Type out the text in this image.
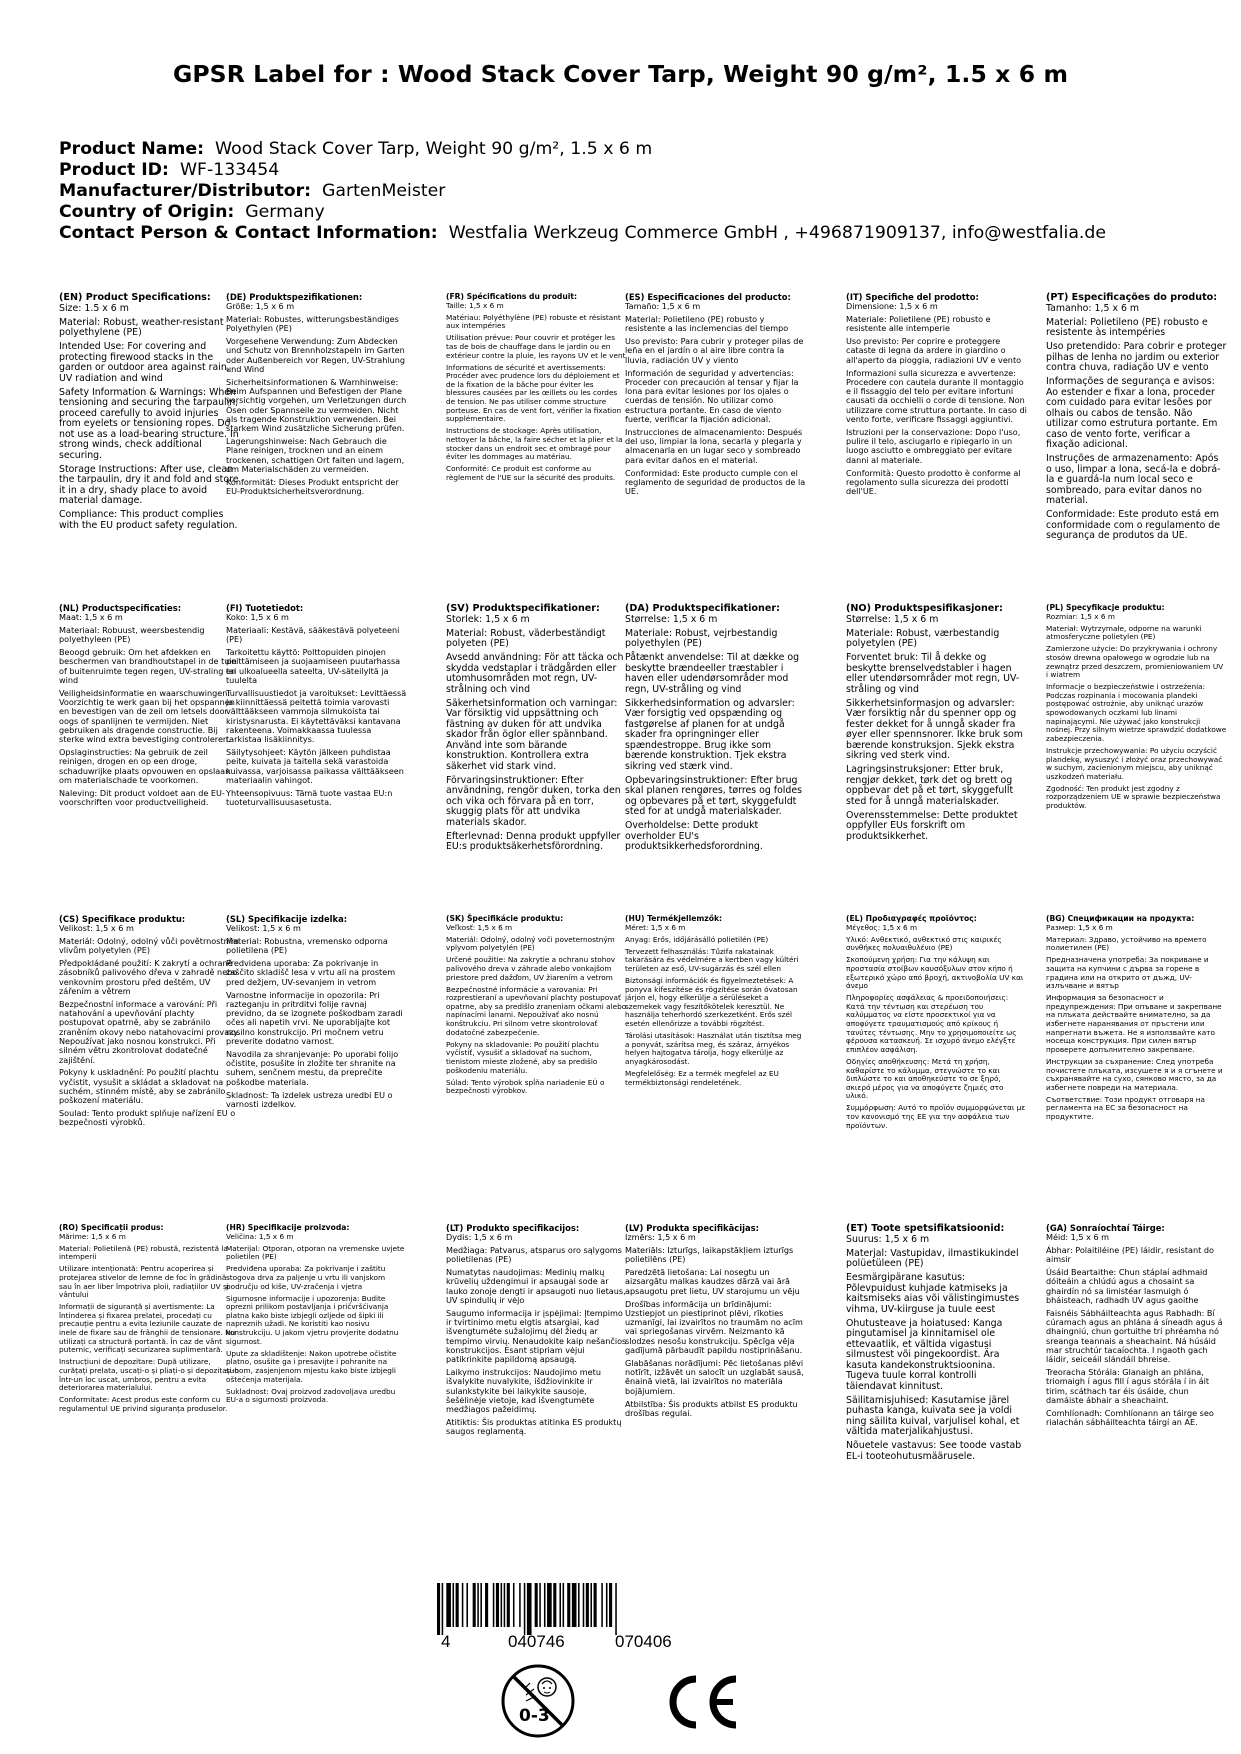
GPSR Label for : Wood Stack Cover Tarp, Weight 90 g/m², 1.5 x 6 m
Product Name: Wood Stack Cover Tarp, Weight 90 g/m², 1.5 x 6 m
Product ID: WF-133454
Manufacturer/Distributor: GartenMeister
Country of Origin: Germany
Contact Person & Contact Information: Westfalia Werkzeug Commerce GmbH , +496871909137, info@westfalia.de
(EN) Product Specifications:
Size: 1.5 x 6 m

Material: Robust, weather-resistant polyethylene (PE)

Intended Use: For covering and protecting firewood stacks in the garden or outdoor area against rain, UV radiation and wind

Safety Information & Warnings: When tensioning and securing the tarpaulin, proceed carefully to avoid injuries from eyelets or tensioning ropes. Do not use as a load-bearing structure. In strong winds, check additional securing.

Storage Instructions: After use, clean the tarpaulin, dry it and fold and store it in a dry, shady place to avoid material damage.

Compliance: This product complies with the EU product safety regulation.

(DE) Produktspezifikationen:
Größe: 1,5 x 6 m

Material: Robustes, witterungsbeständiges Polyethylen (PE)

Vorgesehene Verwendung: Zum Abdecken und Schutz von Brennholzstapeln im Garten oder Außenbereich vor Regen, UV-Strahlung und Wind

Sicherheitsinformationen & Warnhinweise: Beim Aufspannen und Befestigen der Plane vorsichtig vorgehen, um Verletzungen durch Ösen oder Spannseile zu vermeiden. Nicht als tragende Konstruktion verwenden. Bei starkem Wind zusätzliche Sicherung prüfen.

Lagerungshinweise: Nach Gebrauch die Plane reinigen, trocknen und an einem trockenen, schattigen Ort falten und lagern, um Materialschäden zu vermeiden.

Konformität: Dieses Produkt entspricht der EU-Produktsicherheitsverordnung.

(FR) Spécifications du produit:
Taille: 1,5 x 6 m

Matériau: Polyéthylène (PE) robuste et résistant aux intempéries

Utilisation prévue: Pour couvrir et protéger les tas de bois de chauffage dans le jardin ou en extérieur contre la pluie, les rayons UV et le vent

Informations de sécurité et avertissements: Procéder avec prudence lors du déploiement et de la fixation de la bâche pour éviter les blessures causées par les œillets ou les cordes de tension. Ne pas utiliser comme structure porteuse. En cas de vent fort, vérifier la fixation supplémentaire.

Instructions de stockage: Après utilisation, nettoyer la bâche, la faire sécher et la plier et la stocker dans un endroit sec et ombragé pour éviter les dommages au matériau.

Conformité: Ce produit est conforme au règlement de l'UE sur la sécurité des produits.

(ES) Especificaciones del producto:
Tamaño: 1,5 x 6 m

Material: Polietileno (PE) robusto y resistente a las inclemencias del tiempo

Uso previsto: Para cubrir y proteger pilas de leña en el jardín o al aire libre contra la lluvia, radiación UV y viento

Información de seguridad y advertencias: Proceder con precaución al tensar y fijar la lona para evitar lesiones por los ojales o cuerdas de tensión. No utilizar como estructura portante. En caso de viento fuerte, verificar la fijación adicional.

Instrucciones de almacenamiento: Después del uso, limpiar la lona, secarla y plegarla y almacenarla en un lugar seco y sombreado para evitar daños en el material.

Conformidad: Este producto cumple con el reglamento de seguridad de productos de la UE.

(IT) Specifiche del prodotto:
Dimensione: 1,5 x 6 m

Materiale: Polietilene (PE) robusto e resistente alle intemperie

Uso previsto: Per coprire e proteggere cataste di legna da ardere in giardino o all'aperto da pioggia, radiazioni UV e vento

Informazioni sulla sicurezza e avvertenze: Procedere con cautela durante il montaggio e il fissaggio del telo per evitare infortuni causati da occhielli o corde di tensione. Non utilizzare come struttura portante. In caso di vento forte, verificare fissaggi aggiuntivi.

Istruzioni per la conservazione: Dopo l'uso, pulire il telo, asciugarlo e ripiegarlo in un luogo asciutto e ombreggiato per evitare danni al materiale.

Conformità: Questo prodotto è conforme al regolamento sulla sicurezza dei prodotti dell'UE.

(PT) Especificações do produto:
Tamanho: 1,5 x 6 m

Material: Polietileno (PE) robusto e resistente às intempéries

Uso pretendido: Para cobrir e proteger pilhas de lenha no jardim ou exterior contra chuva, radiação UV e vento

Informações de segurança e avisos: Ao estender e fixar a lona, proceder com cuidado para evitar lesões por olhais ou cabos de tensão. Não utilizar como estrutura portante. Em caso de vento forte, verificar a fixação adicional.

Instruções de armazenamento: Após o uso, limpar a lona, secá-la e dobrá-la e guardá-la num local seco e sombreado, para evitar danos no material.

Conformidade: Este produto está em conformidade com o regulamento de segurança de produtos da UE.

(NL) Productspecificaties:
Maat: 1,5 x 6 m

Materiaal: Robuust, weersbestendig polyethyleen (PE)

Beoogd gebruik: Om het afdekken en beschermen van brandhoutstapel in de tuin of buitenruimte tegen regen, UV-straling en wind

Veiligheidsinformatie en waarschuwingen: Voorzichtig te werk gaan bij het opspannen en bevestigen van de zeil om letsels door oogs of spanlijnen te vermijden. Niet gebruiken als dragende constructie. Bij sterke wind extra bevestiging controleren.

Opslaginstructies: Na gebruik de zeil reinigen, drogen en op een droge, schaduwrijke plaats opvouwen en opslaan om materialschade te voorkomen.

Naleving: Dit product voldoet aan de EU-voorschriften voor productveiligheid.

(FI) Tuotetiedot:
Koko: 1,5 x 6 m

Materiaali: Kestävä, sääkestävä polyeteeni (PE)

Tarkoitettu käyttö: Polttopuiden pinojen peittämiseen ja suojaamiseen puutarhassa tai ulkoalueella sateelta, UV-säteilyltä ja tuulelta

Turvallisuustiedot ja varoitukset: Levittäessä ja kiinnittäessä peitettä toimia varovasti välttääkseen vammoja silmukoista tai kiristysnarusta. Ei käytettäväksi kantavana rakenteena. Voimakkaassa tuulessa tarkistaa lisäkiinnitys.

Säilytysohjeet: Käytön jälkeen puhdistaa peite, kuivata ja taitella sekä varastoida kuivassa, varjoisassa paikassa välttääkseen materiaalin vahingot.

Yhteensopivuus: Tämä tuote vastaa EU:n tuoteturvallisuusasetusta.

(SV) Produktspecifikationer:
Storlek: 1,5 x 6 m

Material: Robust, väderbeständigt polyeten (PE)

Avsedd användning: För att täcka och skydda vedstaplar i trädgården eller utomhusområden mot regn, UV-strålning och vind

Säkerhetsinformation och varningar: Var försiktig vid uppsättning och fästning av duken för att undvika skador från öglor eller spännband. Använd inte som bärande konstruktion. Kontrollera extra säkerhet vid stark vind.

Förvaringsinstruktioner: Efter användning, rengör duken, torka den och vika och förvara på en torr, skuggig plats för att undvika materials skador.

Efterlevnad: Denna produkt uppfyller EU:s produktsäkerhetsförordning.

(DA) Produktspecifikationer:
Størrelse: 1,5 x 6 m

Materiale: Robust, vejrbestandig polyethylen (PE)

Påtænkt anvendelse: Til at dække og beskytte brændeeller træstabler i haven eller udendørsområder mod regn, UV-stråling og vind

Sikkerhedsinformation og advarsler: Vær forsigtig ved opspænding og fastgørelse af planen for at undgå skader fra opringninger eller spændestroppe. Brug ikke som bærende konstruktion. Tjek ekstra sikring ved stærk vind.

Opbevaringsinstruktioner: Efter brug skal planen rengøres, tørres og foldes og opbevares på et tørt, skyggefuldt sted for at undgå materialskader.

Overholdelse: Dette produkt overholder EU's produktsikkerhedsforordning.

(NO) Produktspesifikasjoner:
Størrelse: 1,5 x 6 m

Materiale: Robust, værbestandig polyetylen (PE)

Forventet bruk: Til å dekke og beskytte brenselvedstabler i hagen eller utendørsområder mot regn, UV-stråling og vind

Sikkerhetsinformasjon og advarsler: Vær forsiktig når du spenner opp og fester dekket for å unngå skader fra øyer eller spennsnorer. Ikke bruk som bærende konstruksjon. Sjekk ekstra sikring ved sterk vind.

Lagringsinstruksjoner: Etter bruk, rengjør dekket, tørk det og brett og oppbevar det på et tørt, skyggefullt sted for å unngå materialskader.

Overensstemmelse: Dette produktet oppfyller EUs forskrift om produktsikkerhet.

(PL) Specyfikacje produktu:
Rozmiar: 1,5 x 6 m

Materiał: Wytrzymałe, odporne na warunki atmosferyczne polietylen (PE)

Zamierzone użycie: Do przykrywania i ochrony stosów drewna opałowego w ogrodzie lub na zewnątrz przed deszczem, promieniowaniem UV i wiatrem

Informacje o bezpieczeństwie i ostrzeżenia: Podczas rozpinania i mocowania plandeki postępować ostrożnie, aby uniknąć urazów spowodowanych oczkami lub linami napinającymi. Nie używać jako konstrukcji nośnej. Przy silnym wietrze sprawdzić dodatkowe zabezpieczenia.

Instrukcje przechowywania: Po użyciu oczyścić plandekę, wysuszyć i złożyć oraz przechowywać w suchym, zacienionym miejscu, aby uniknąć uszkodzeń materiału.

Zgodność: Ten produkt jest zgodny z rozporządzeniem UE w sprawie bezpieczeństwa produktów.

(CS) Specifikace produktu:
Velikost: 1,5 x 6 m

Materiál: Odolný, odolný vůči povětrnostním vlivům polyetylen (PE)

Předpokládané použití: K zakrytí a ochraně zásobníků palivového dřeva v zahradě nebo venkovním prostoru před deštěm, UV zářením a větrem

Bezpečnostní informace a varování: Při natahování a upevňování plachty postupovat opatrně, aby se zabránilo zraněním okovy nebo natahovacími provazy. Nepoužívat jako nosnou konstrukci. Při silném větru zkontrolovat dodatečné zajištění.

Pokyny k uskladnění: Po použití plachtu vyčistit, vysušit a skládat a skladovat na suchém, stinném místě, aby se zabránilo poškození materiálu.

Soulad: Tento produkt splňuje nařízení EU o bezpečnosti výrobků.

(SL) Specifikacije izdelka:
Velikost: 1,5 x 6 m

Material: Robustna, vremensko odporna polietilena (PE)

Predvidena uporaba: Za pokrivanje in zaščito skladišč lesa v vrtu ali na prostem pred dežjem, UV-sevanjem in vetrom

Varnostne informacije in opozorila: Pri razteganju in pritrditvi folije ravnaj previdno, da se izognete poškodbam zaradi očes ali napetih vrvi. Ne uporabljajte kot nosilno konstrukcijo. Pri močnem vetru preverite dodatno varnost.

Navodila za shranjevanje: Po uporabi folijo očistite, posušite in zložite ter shranite na suhem, senčnem mestu, da preprečite poškodbe materiala.

Skladnost: Ta izdelek ustreza uredbi EU o varnosti izdelkov.

(SK) Špecifikácie produktu:
Veľkosť: 1,5 x 6 m

Materiál: Odolný, odolný voči poveternostným vplyvom polyetylén (PE)

Určené použitie: Na zakrytie a ochranu stohov palivového dreva v záhrade alebo vonkajšom priestore pred dažďom, UV žiarením a vetrom

Bezpečnostné informácie a varovania: Pri rozprestieraní a upevňovaní plachty postupovať opatrne, aby sa predišlo zraneniam očkami alebo napínacími lanami. Nepoužívať ako nosnú konštrukciu. Pri silnom vetre skontrolovať dodatočné zabezpečenie.

Pokyny na skladovanie: Po použití plachtu vyčistiť, vysušiť a skladovať na suchom, tienistom mieste zložené, aby sa predišlo poškodeniu materiálu.

Súlad: Tento výrobok spĺňa nariadenie EÚ o bezpečnosti výrobkov.

(HU) Termékjellemzők:
Méret: 1,5 x 6 m

Anyag: Erős, időjárásálló polietilén (PE)

Tervezett felhasználás: Tűzifa rakatainak takarására és védelmére a kertben vagy kültéri területen az eső, UV-sugárzás és szél ellen

Biztonsági információk és figyelmeztetések: A ponyva kifeszítése és rögzítése során óvatosan járjon el, hogy elkerülje a sérüléseket a szemekek vagy feszítőkötelek keresztül. Ne használja teherhordó szerkezetként. Erős szél esetén ellenőrizze a további rögzítést.

Tárolási utasítások: Használat után tisztítsa meg a ponyvát, szárítsa meg, és száraz, árnyékos helyen hajtogatva tárolja, hogy elkerülje az anyagkárosodást.

Megfelelőség: Ez a termék megfelel az EU termékbiztonsági rendeletének.

(EL) Προδιαγραφές προϊόντος:
Μέγεθος: 1,5 x 6 m

Υλικό: Ανθεκτικό, ανθεκτικό στις καιρικές συνθήκες πολυαιθυλένιο (PE)

Σκοπούμενη χρήση: Για την κάλυψη και προστασία στοίβων καυσόξυλων στον κήπο ή εξωτερικό χώρο από βροχή, ακτινοβολία UV και άνεμο

Πληροφορίες ασφάλειας & προειδοποιήσεις: Κατά την τέντωση και στερέωση του καλύμματος να είστε προσεκτικοί για να αποφύγετε τραυματισμούς από κρίκους ή τανύτες τέντωσης. Μην το χρησιμοποιείτε ως φέρουσα κατασκευή. Σε ισχυρό άνεμο ελέγξτε επιπλέον ασφάλιση.

Οδηγίες αποθήκευσης: Μετά τη χρήση, καθαρίστε το κάλυμμα, στεγνώστε το και διπλώστε το και αποθηκεύστε το σε ξηρό, σκιερό μέρος για να αποφύγετε ζημιές στο υλικό.

Συμμόρφωση: Αυτό το προϊόν συμμορφώνεται με τον κανονισμό της ΕΕ για την ασφάλεια των προϊόντων.

(BG) Спецификации на продукта:
Размер: 1,5 x 6 m

Материал: Здраво, устойчиво на времето полиетилен (PE)

Предназначена употреба: За покриване и защита на купчини с дърва за горене в градина или на открито от дъжд, UV-излъчване и вятър

Информация за безопасност и предупреждения: При опъване и закрепване на плъката действайте внимателно, за да избегнете наранявания от пръстени или напрегнати въжета. Не я използвайте като носеща конструкция. При силен вятър проверете допълнително закрепване.

Инструкции за съхранение: След употреба почистете плъката, изсушете я и я сгънете и съхранявайте на сухо, сянково място, за да избегнете повреди на материала.

Съответствие: Този продукт отговаря на регламента на ЕС за безопасност на продуктите.

(RO) Specificații produs:
Mărime: 1,5 x 6 m

Material: Polietilenă (PE) robustă, rezistentă la intemperii

Utilizare intenționată: Pentru acoperirea și protejarea stivelor de lemne de foc în grădină sau în aer liber împotriva ploii, radiațiilor UV și vântului

Informații de siguranță și avertismente: La întinderea și fixarea prelatei, procedați cu precauție pentru a evita leziunile cauzate de inele de fixare sau de frânghii de tensionare. Nu utilizați ca structură portantă. În caz de vânt puternic, verificați securizarea suplimentară.

Instrucțiuni de depozitare: După utilizare, curățați prelata, uscați-o și pliați-o și depozitați-o într-un loc uscat, umbros, pentru a evita deteriorarea materialului.

Conformitate: Acest produs este conform cu regulamentul UE privind siguranța produselor.

(HR) Specifikacije proizvoda:
Veličina: 1,5 x 6 m

Materijal: Otporan, otporan na vremenske uvjete polietilen (PE)

Predviđena uporaba: Za pokrivanje i zaštitu stogova drva za paljenje u vrtu ili vanjskom području od kiše, UV-zračenja i vjetra

Sigurnosne informacije i upozorenja: Budite oprezni prilikom postavljanja i pričvršćivanja platna kako biste izbjegli ozljede od šipki ili napreznih užadi. Ne koristiti kao nosivu konstrukciju. U jakom vjetru provjerite dodatnu sigurnost.

Upute za skladištenje: Nakon upotrebe očistite platno, osušite ga i presavijte i pohranite na suhom, zasjenjenom mjestu kako biste izbjegli oštećenja materijala.

Sukladnost: Ovaj proizvod zadovoljava uredbu EU-a o sigurnosti proizvoda.

(LT) Produkto specifikacijos:
Dydis: 1,5 x 6 m

Medžiaga: Patvarus, atsparus oro sąlygoms polietilenas (PE)

Numatytas naudojimas: Medinių malkų krūvelių uždengimui ir apsaugai sode ar lauko zonoje dengti ir apsaugoti nuo lietaus, UV spindulių ir vėjo

Saugumo informacija ir įspėjimai: Įtempimo ir tvirtinimo metu elgtis atsargiai, kad išvengtumėte sužalojimų dėl žiedų ar tempimo virvių. Nenaudokite kaip nešančios konstrukcijos. Esant stipriam vėjui patikrinkite papildomą apsaugą.

Laikymo instrukcijos: Naudojimo metu išvalykite nuvalykite, išdžiovinkite ir sulankstykite bei laikykite sausoje, šešėlinėje vietoje, kad išvengtumėte medžiagos pažeidimų.

Atitiktis: Šis produktas atitinka ES produktų saugos reglamentą.

(LV) Produkta specifikācijas:
Izmērs: 1,5 x 6 m

Materiāls: Izturīgs, laikapstākļiem izturīgs polietilēns (PE)

Paredzētā lietošana: Lai nosegtu un aizsargātu malkas kaudzes dārzā vai ārā apsaugotu pret lietu, UV starojumu un vēju

Drošības informācija un brīdinājumi: Uzstiepjot un piestiprinot plēvi, rīkoties uzmanīgi, lai izvairītos no traumām no acīm vai spriegošanas virvēm. Neizmanto kā slodzes nesošu konstrukciju. Spēcīga vēja gadījumā pārbaudīt papildu nostiprināšanu.

Glabāšanas norādījumi: Pēc lietošanas plēvi notīrīt, izžāvēt un salocīt un uzglabāt sausā, ēnainā vietā, lai izvairītos no materiāla bojājumiem.

Atbilstība: Šis produkts atbilst ES produktu drošības regulai.

(ET) Toote spetsifikatsioonid:
Suurus: 1,5 x 6 m

Materjal: Vastupidav, ilmastikukindel polüetüleen (PE)

Eesmärgipärane kasutus: Põlevpuidust kuhjade katmiseks ja kaitsmiseks aias või välistingimustes vihma, UV-kiirguse ja tuule eest

Ohutusteave ja hoiatused: Kanga pingutamisel ja kinnitamisel ole ettevaatlik, et vältida vigastusi silmustest või pingekoordist. Ära kasuta kandekonstruktsioonina. Tugeva tuule korral kontrolli täiendavat kinnitust.

Säilitamisjuhised: Kasutamise järel puhasta kanga, kuivata see ja voldi ning säilita kuival, varjulisel kohal, et vältida materjalikahjustusi.

Nõuetele vastavus: See toode vastab EL-i tooteohutusmäärusele.

(GA) Sonraíochtaí Táirge:
Méid: 1,5 x 6 m

Ábhar: Polaitiléine (PE) láidir, resistant do aimsir

Úsáid Beartaithe: Chun stáplaí adhmaid dóiteáin a chlúdú agus a chosaint sa ghairdín nó sa limistéar lasmuigh ó bháisteach, radhadh UV agus gaoithe

Faisnéis Sábháilteachta agus Rabhadh: Bí cúramach agus an phlána á síneadh agus á dhaingniú, chun gortuithe trí phréamha nó sreanga teannais a sheachaint. Ná húsáid mar struchtúr tacaíochta. I ngaoth gach láidir, seiceáil slándáil bhreise.

Treoracha Stórála: Glanaigh an phlána, triomaigh í agus fill í agus stórála í in áit tirim, scáthach tar éis úsáide, chun damáiste ábhair a sheachaint.

Comhlíonadh: Comhlíonann an táirge seo rialachán sábháilteachta táirgí an AE.

4	040746	070406
0-3
